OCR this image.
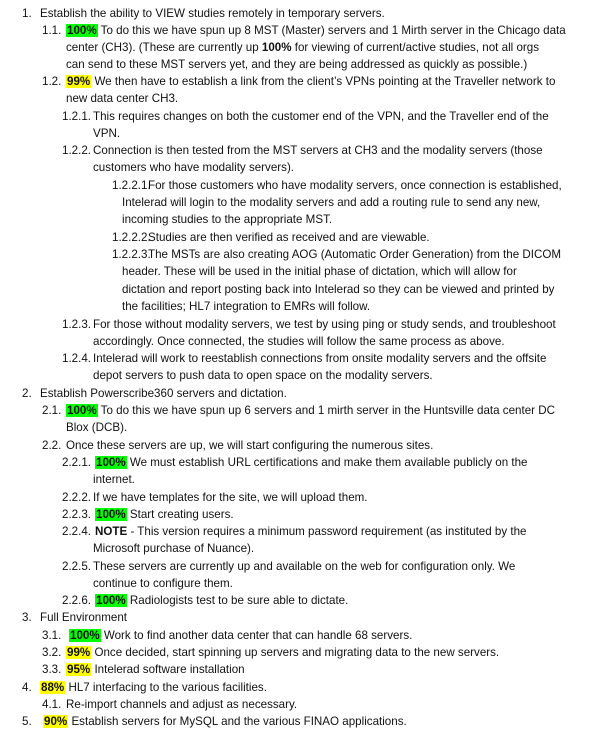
1. Establish the ability to VIEW studies remotely in temporary servers.
1.1. 100% To do this we have spun up 8 MST (Master) servers and 1 Mirth server in the Chicago data
center (CH3). (These are currently up 100% for viewing of current/active studies, not all orgs
can send to these MST servers yet, and they are being addressed as quickly as possible.)
1.2. 99% We then have to establish a link from the client’s VPNs pointing at the Traveller network to
new data center CH3.
1.2.1. This requires changes on both the customer end of the VPN, and the Traveller end of the
VPN.
1.2.2. Connection is then tested from the MST servers at CH3 and the modality servers (those
customers who have modality servers).
1.2.2.1.
For those customers who have modality servers, once connection is established,
Intelerad will login to the modality servers and add a routing rule to send any new,
incoming studies to the appropriate MST.
1.2.2.2.
Studies are then verified as received and are viewable.
1.2.2.3.
The MSTs are also creating AOG (Automatic Order Generation) from the DICOM
header. These will be used in the initial phase of dictation, which will allow for
dictation and report posting back into Intelerad so they can be viewed and printed by
the facilities; HL7 integration to EMRs will follow.
1.2.3. For those without modality servers, we test by using ping or study sends, and troubleshoot
accordingly. Once connected, the studies will follow the same process as above.
1.2.4. Intelerad will work to reestablish connections from onsite modality servers and the offsite
depot servers to push data to open space on the modality servers.
2. Establish Powerscribe360 servers and dictation.
2.1. 100% To do this we have spun up 6 servers and 1 mirth server in the Huntsville data center DC
Blox (DCB).
2.2. Once these servers are up, we will start configuring the numerous sites.
2.2.1. 100% We must establish URL certifications and make them available publicly on the
internet.
2.2.2. If we have templates for the site, we will upload them.
2.2.3. 100% Start creating users.
2.2.4. NOTE - This version requires a minimum password requirement (as instituted by the
Microsoft purchase of Nuance).
2.2.5. These servers are currently up and available on the web for configuration only. We
continue to configure them.
2.2.6. 100% Radiologists test to be sure able to dictate.
3. Full Environment
3.1. 100% Work to find another data center that can handle 68 servers.
3.2. 99% Once decided, start spinning up servers and migrating data to the new servers.
3.3. 95% Intelerad software installation
4. 88% HL7 interfacing to the various facilities.
4.1. Re-import channels and adjust as necessary.
5. 90% Establish servers for MySQL and the various FINAO applications.
